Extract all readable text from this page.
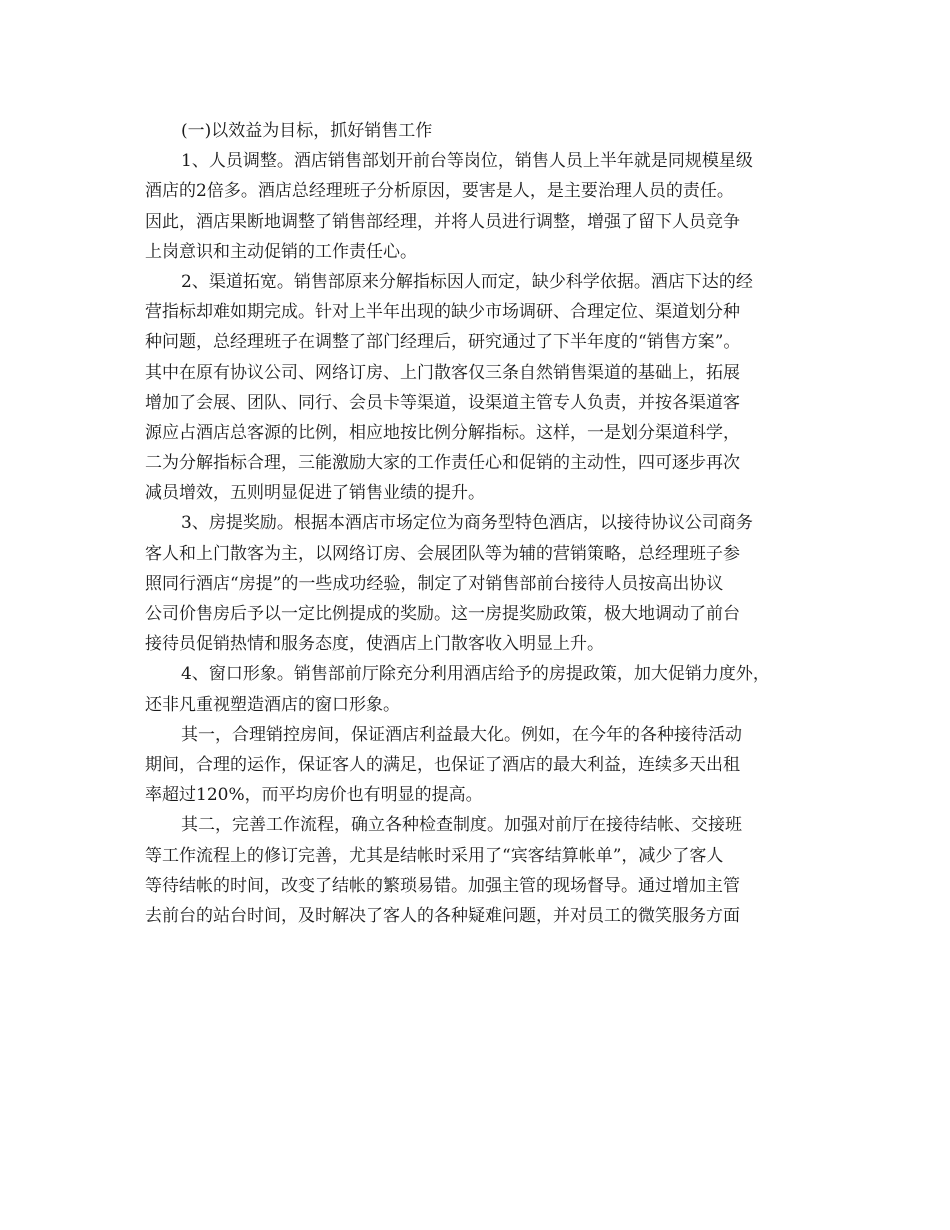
(一)以效益为目标，抓好销售工作
1、人员调整。酒店销售部划开前台等岗位，销售人员上半年就是同规模星级
酒店的2倍多。酒店总经理班子分析原因，要害是人，是主要治理人员的责任。
因此，酒店果断地调整了销售部经理，并将人员进行调整，增强了留下人员竞争
上岗意识和主动促销的工作责任心。
2、渠道拓宽。销售部原来分解指标因人而定，缺少科学依据。酒店下达的经
营指标却难如期完成。针对上半年出现的缺少市场调研、合理定位、渠道划分种
种问题，总经理班子在调整了部门经理后，研究通过了下半年度的“销售方案”。
其中在原有协议公司、网络订房、上门散客仅三条自然销售渠道的基础上，拓展
增加了会展、团队、同行、会员卡等渠道，设渠道主管专人负责，并按各渠道客
源应占酒店总客源的比例，相应地按比例分解指标。这样，一是划分渠道科学，
二为分解指标合理，三能激励大家的工作责任心和促销的主动性，四可逐步再次
减员增效，五则明显促进了销售业绩的提升。
3、房提奖励。根据本酒店市场定位为商务型特色酒店，以接待协议公司商务
客人和上门散客为主，以网络订房、会展团队等为辅的营销策略，总经理班子参
照同行酒店“房提”的一些成功经验，制定了对销售部前台接待人员按高出协议
公司价售房后予以一定比例提成的奖励。这一房提奖励政策，极大地调动了前台
接待员促销热情和服务态度，使酒店上门散客收入明显上升。
4、窗口形象。销售部前厅除充分利用酒店给予的房提政策，加大促销力度外，
还非凡重视塑造酒店的窗口形象。
其一，合理销控房间，保证酒店利益最大化。例如，在今年的各种接待活动
期间，合理的运作，保证客人的满足，也保证了酒店的最大利益，连续多天出租
率超过120%，而平均房价也有明显的提高。
其二，完善工作流程，确立各种检查制度。加强对前厅在接待结帐、交接班
等工作流程上的修订完善，尤其是结帐时采用了“宾客结算帐单”，减少了客人
等待结帐的时间，改变了结帐的繁琐易错。加强主管的现场督导。通过增加主管
去前台的站台时间，及时解决了客人的各种疑难问题，并对员工的微笑服务方面
